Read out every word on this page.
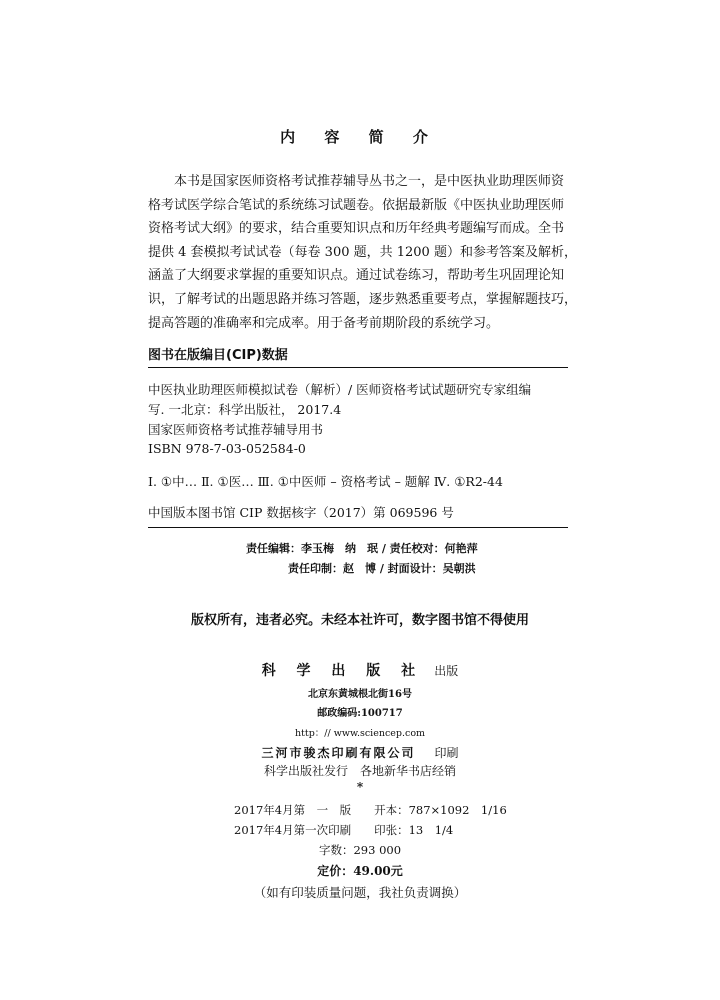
内 容 简 介
本书是国家医师资格考试推荐辅导丛书之一，是中医执业助理医师资
格考试医学综合笔试的系统练习试题卷。依据最新版《中医执业助理医师
资格考试大纲》的要求，结合重要知识点和历年经典考题编写而成。全书
提供 4 套模拟考试试卷（每卷 300 题，共 1200 题）和参考答案及解析，
涵盖了大纲要求掌握的重要知识点。通过试卷练习，帮助考生巩固理论知
识，了解考试的出题思路并练习答题，逐步熟悉重要考点，掌握解题技巧，
提高答题的准确率和完成率。用于备考前期阶段的系统学习。
图书在版编目(CIP)数据
中医执业助理医师模拟试卷（解析）/ 医师资格考试试题研究专家组编
写. 一北京：科学出版社， 2017.4
国家医师资格考试推荐辅导用书
ISBN 978-7-03-052584-0
Ⅰ. ①中… Ⅱ. ①医… Ⅲ. ①中医师 – 资格考试 – 题解 Ⅳ. ①R2-44
中国版本图书馆 CIP 数据核字（2017）第 069596 号
责任编辑：李玉梅　纳　珉 / 责任校对：何艳萍
责任印制：赵　博 / 封面设计：吴朝洪
版权所有，违者必究。未经本社许可，数字图书馆不得使用
科 学 出 版 社 出版
北京东黄城根北街16号
邮政编码:100717
http：// www.sciencep.com
三河市骏杰印刷有限公司 印刷
科学出版社发行　各地新华书店经销
*
2017年4月第　一　版　　开本：787×1092　1/16
2017年4月第一次印刷　　印张：13　1/4
字数：293 000
定价：49.00元
（如有印装质量问题，我社负责调换）
